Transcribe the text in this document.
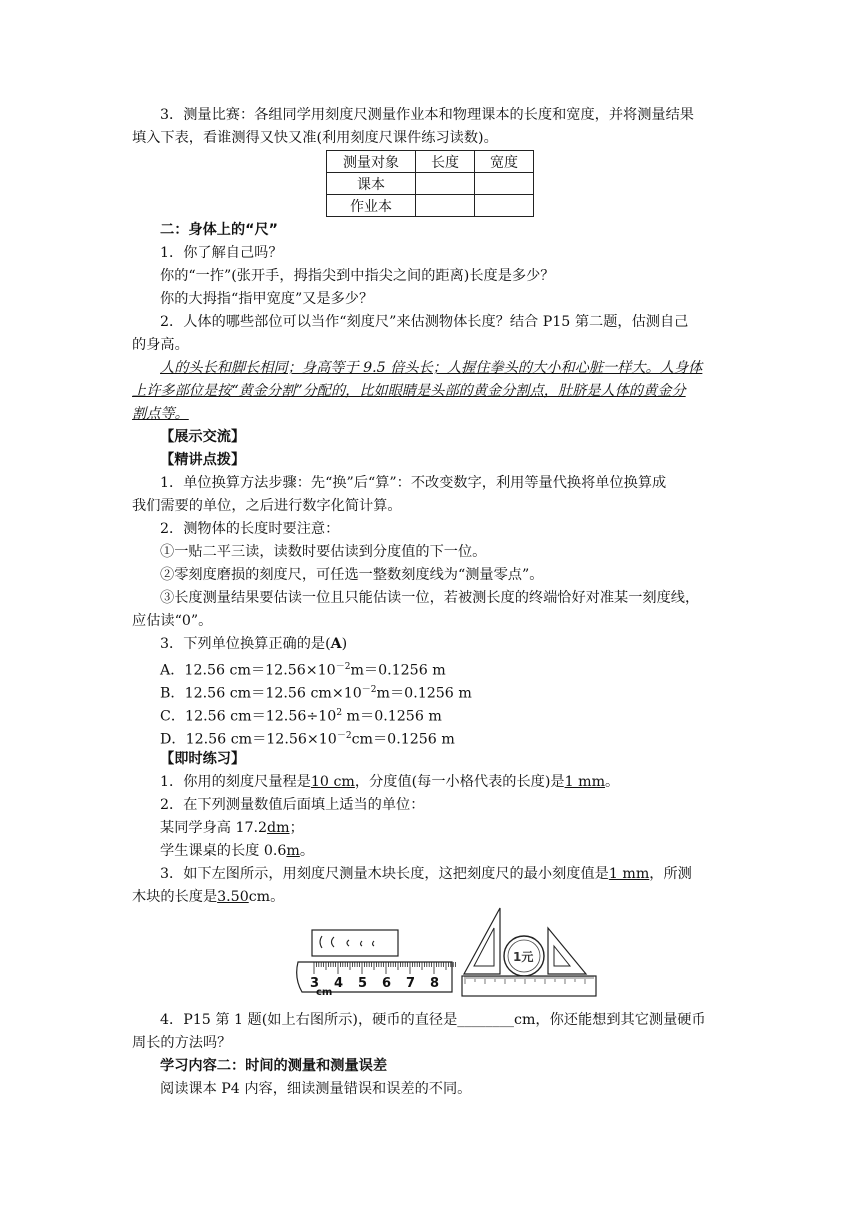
3．测量比赛：各组同学用刻度尺测量作业本和物理课本的长度和宽度，并将测量结果
填入下表，看谁测得又快又准(利用刻度尺课件练习读数)。
测量对象	长度	宽度
课本		
作业本		
二：身体上的“尺”
1．你了解自己吗？
你的“一拃”(张开手，拇指尖到中指尖之间的距离)长度是多少？
你的大拇指“指甲宽度”又是多少？
2．人体的哪些部位可以当作“刻度尺”来估测物体长度？结合 P15 第二题，估测自己
的身高。
人的头长和脚长相同；身高等于 9.5 倍头长；人握住拳头的大小和心脏一样大。人身体
上许多部位是按“黄金分割”分配的，比如眼睛是头部的黄金分割点，肚脐是人体的黄金分
割点等。
【展示交流】
【精讲点拨】
1．单位换算方法步骤：先“换”后“算”：不改变数字，利用等量代换将单位换算成
我们需要的单位，之后进行数字化简计算。
2．测物体的长度时要注意：
①一贴二平三读，读数时要估读到分度值的下一位。
②零刻度磨损的刻度尺，可任选一整数刻度线为“测量零点”。
③长度测量结果要估读一位且只能估读一位，若被测长度的终端恰好对准某一刻度线，
应估读“0”。
3．下列单位换算正确的是(A)
A．12.56 $cm=12.56\times 10^{-2}m=0.1256$ m
B．12.56 cm＝12.56 $cm\times 10^{-2}m=0.1256$ m
C．12.56 $cm=12.56\div 10^2$ m＝0.1256 m
D．12.56 $cm=12.56\times 10^{-2}cm=0.1256$ m
【即时练习】
1．你用的刻度尺量程是10 cm，分度值(每一小格代表的长度)是1 mm。
2．在下列测量数值后面填上适当的单位：
某同学身高 17.2dm；
学生课桌的长度 0.6m。
3．如下左图所示，用刻度尺测量木块长度，这把刻度尺的最小刻度值是1 mm，所测
木块的长度是3.50cm。
3 4 5 6 7 8
cm
1元
4．P15 第 1 题(如上右图所示)，硬币的直径是________cm，你还能想到其它测量硬币
周长的方法吗？
学习内容二：时间的测量和测量误差
阅读课本 P4 内容，细读测量错误和误差的不同。
